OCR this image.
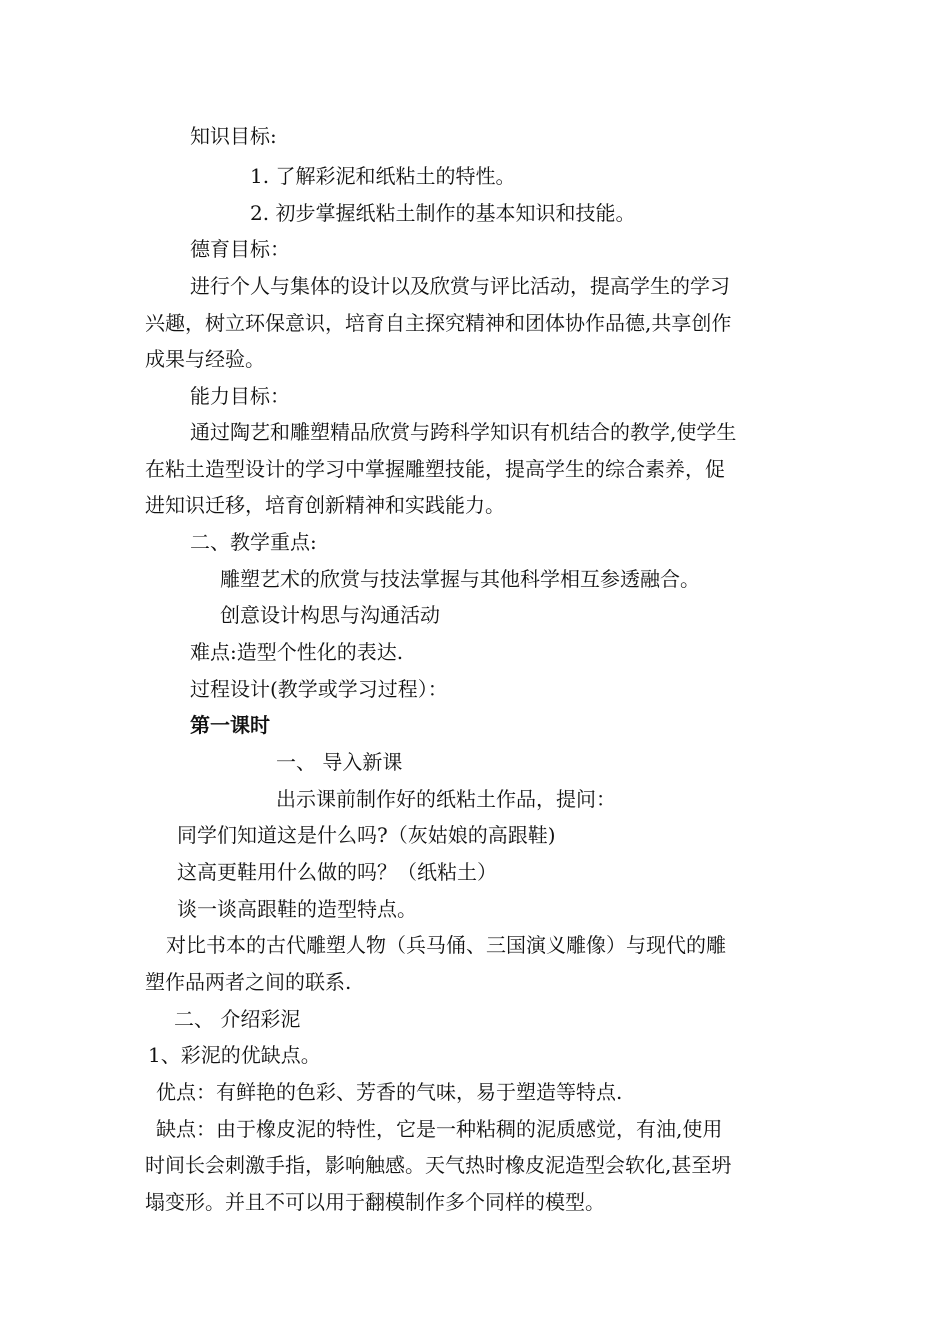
知识目标:
1. 了解彩泥和纸粘土的特性。
2. 初步掌握纸粘土制作的基本知识和技能。
德育目标：
进行个人与集体的设计以及欣赏与评比活动，提高学生的学习
兴趣，树立环保意识，培育自主探究精神和团体协作品德,共享创作
成果与经验。
能力目标：
通过陶艺和雕塑精品欣赏与跨科学知识有机结合的教学,使学生
在粘土造型设计的学习中掌握雕塑技能，提高学生的综合素养，促
进知识迁移，培育创新精神和实践能力。
二、教学重点:
雕塑艺术的欣赏与技法掌握与其他科学相互参透融合。
创意设计构思与沟通活动
难点:造型个性化的表达.
过程设计(教学或学习过程）：
第一课时
一、 导入新课
出示课前制作好的纸粘土作品，提问：
同学们知道这是什么吗?（灰姑娘的高跟鞋)
这高更鞋用什么做的吗？（纸粘土）
谈一谈高跟鞋的造型特点。
对比书本的古代雕塑人物（兵马俑、三国演义雕像）与现代的雕
塑作品两者之间的联系.
二、 介绍彩泥
1、彩泥的优缺点。
优点：有鲜艳的色彩、芳香的气味，易于塑造等特点.
缺点：由于橡皮泥的特性，它是一种粘稠的泥质感觉，有油,使用
时间长会刺激手指，影响触感。天气热时橡皮泥造型会软化,甚至坍
塌变形。并且不可以用于翻模制作多个同样的模型。
